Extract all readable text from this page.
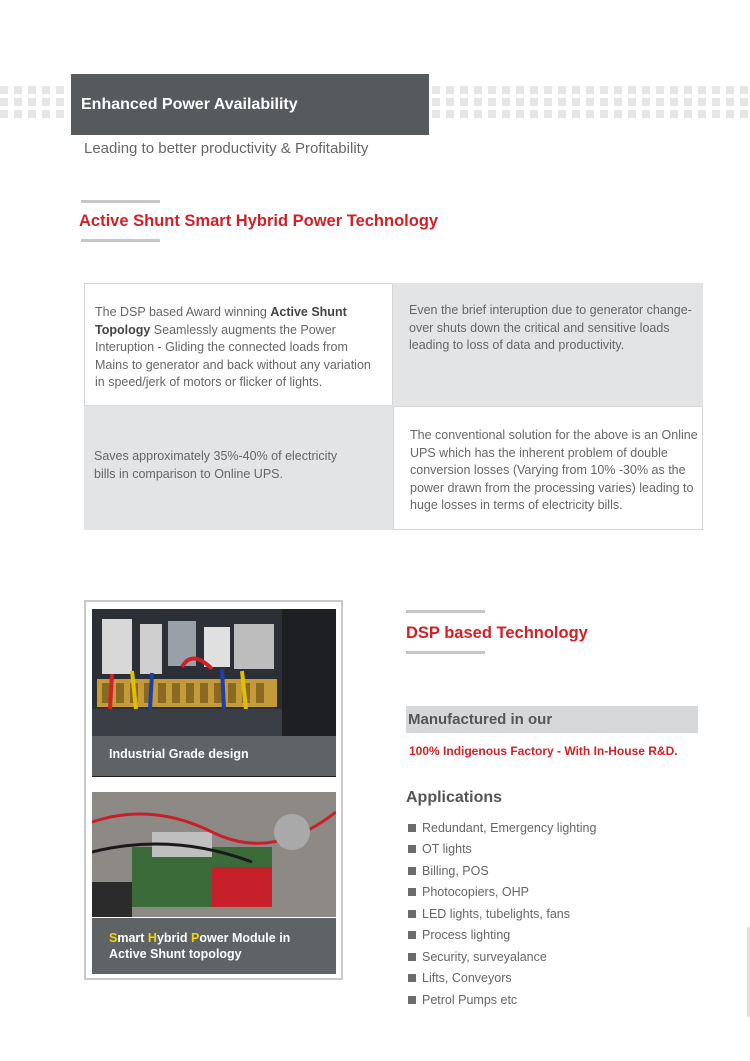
Enhanced Power Availability
Leading to better productivity & Profitability
Active Shunt Smart Hybrid Power Technology
The DSP based Award winning Active Shunt Topology Seamlessly augments the Power Interuption - Gliding the connected loads from Mains to generator and back without any variation in speed/jerk of motors or flicker of lights.
Even the brief interuption due to generator change-over shuts down the critical and sensitive loads leading to loss of data and productivity.
Saves approximately 35%-40% of electricity bills in comparison to Online UPS.
The conventional solution for the above is an Online UPS which has the inherent problem of double conversion losses (Varying from 10% -30% as the power drawn from the processing varies) leading to huge losses in terms of electricity bills.
Industrial Grade design
Smart Hybrid Power Module in
Active Shunt topology
DSP based Technology
Manufactured in our
100% Indigenous Factory - With In-House R&D.
Applications
Redundant, Emergency lighting
OT lights
Billing, POS
Photocopiers, OHP
LED lights, tubelights, fans
Process lighting
Security, surveyalance
Lifts, Conveyors
Petrol Pumps etc
